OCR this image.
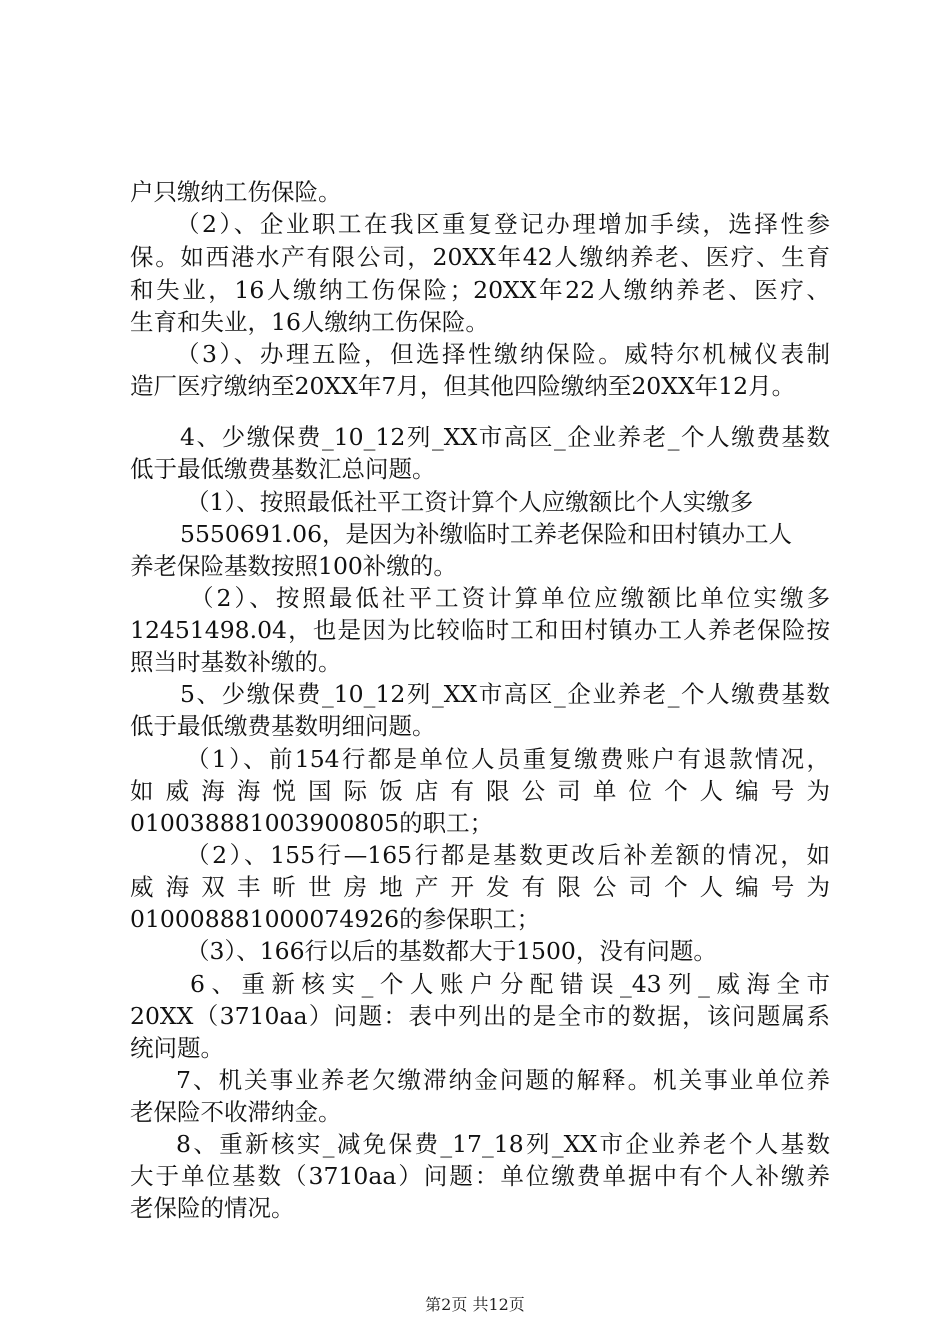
户只缴纳工伤保险。
（2）、企业职工在我区重复登记办理增加手续，选择性参
保。如西港水产有限公司，20XX年42人缴纳养老、医疗、生育
和失业，16人缴纳工伤保险；20XX年22人缴纳养老、医疗、
生育和失业，16人缴纳工伤保险。
（3）、办理五险，但选择性缴纳保险。威特尔机械仪表制
造厂医疗缴纳至20XX年7月，但其他四险缴纳至20XX年12月。
4、少缴保费_10_12列_XX市高区_企业养老_个人缴费基数
低于最低缴费基数汇总问题。
（1）、按照最低社平工资计算个人应缴额比个人实缴多
5550691.06，是因为补缴临时工养老保险和田村镇办工人
养老保险基数按照100补缴的。
（2）、按照最低社平工资计算单位应缴额比单位实缴多
12451498.04，也是因为比较临时工和田村镇办工人养老保险按
照当时基数补缴的。
5、少缴保费_10_12列_XX市高区_企业养老_个人缴费基数
低于最低缴费基数明细问题。
（1）、前154行都是单位人员重复缴费账户有退款情况，
如威海海悦国际饭店有限公司单位个人编号为
010038881003900805的职工；
（2）、155行—165行都是基数更改后补差额的情况，如
威海双丰昕世房地产开发有限公司个人编号为
010008881000074926的参保职工；
（3）、166行以后的基数都大于1500，没有问题。
6、重新核实_个人账户分配错误_43列_威海全市
20XX（3710aa）问题：表中列出的是全市的数据，该问题属系
统问题。
7、机关事业养老欠缴滞纳金问题的解释。机关事业单位养
老保险不收滞纳金。
8、重新核实_减免保费_17_18列_XX市企业养老个人基数
大于单位基数（3710aa）问题：单位缴费单据中有个人补缴养
老保险的情况。
第2页 共12页
